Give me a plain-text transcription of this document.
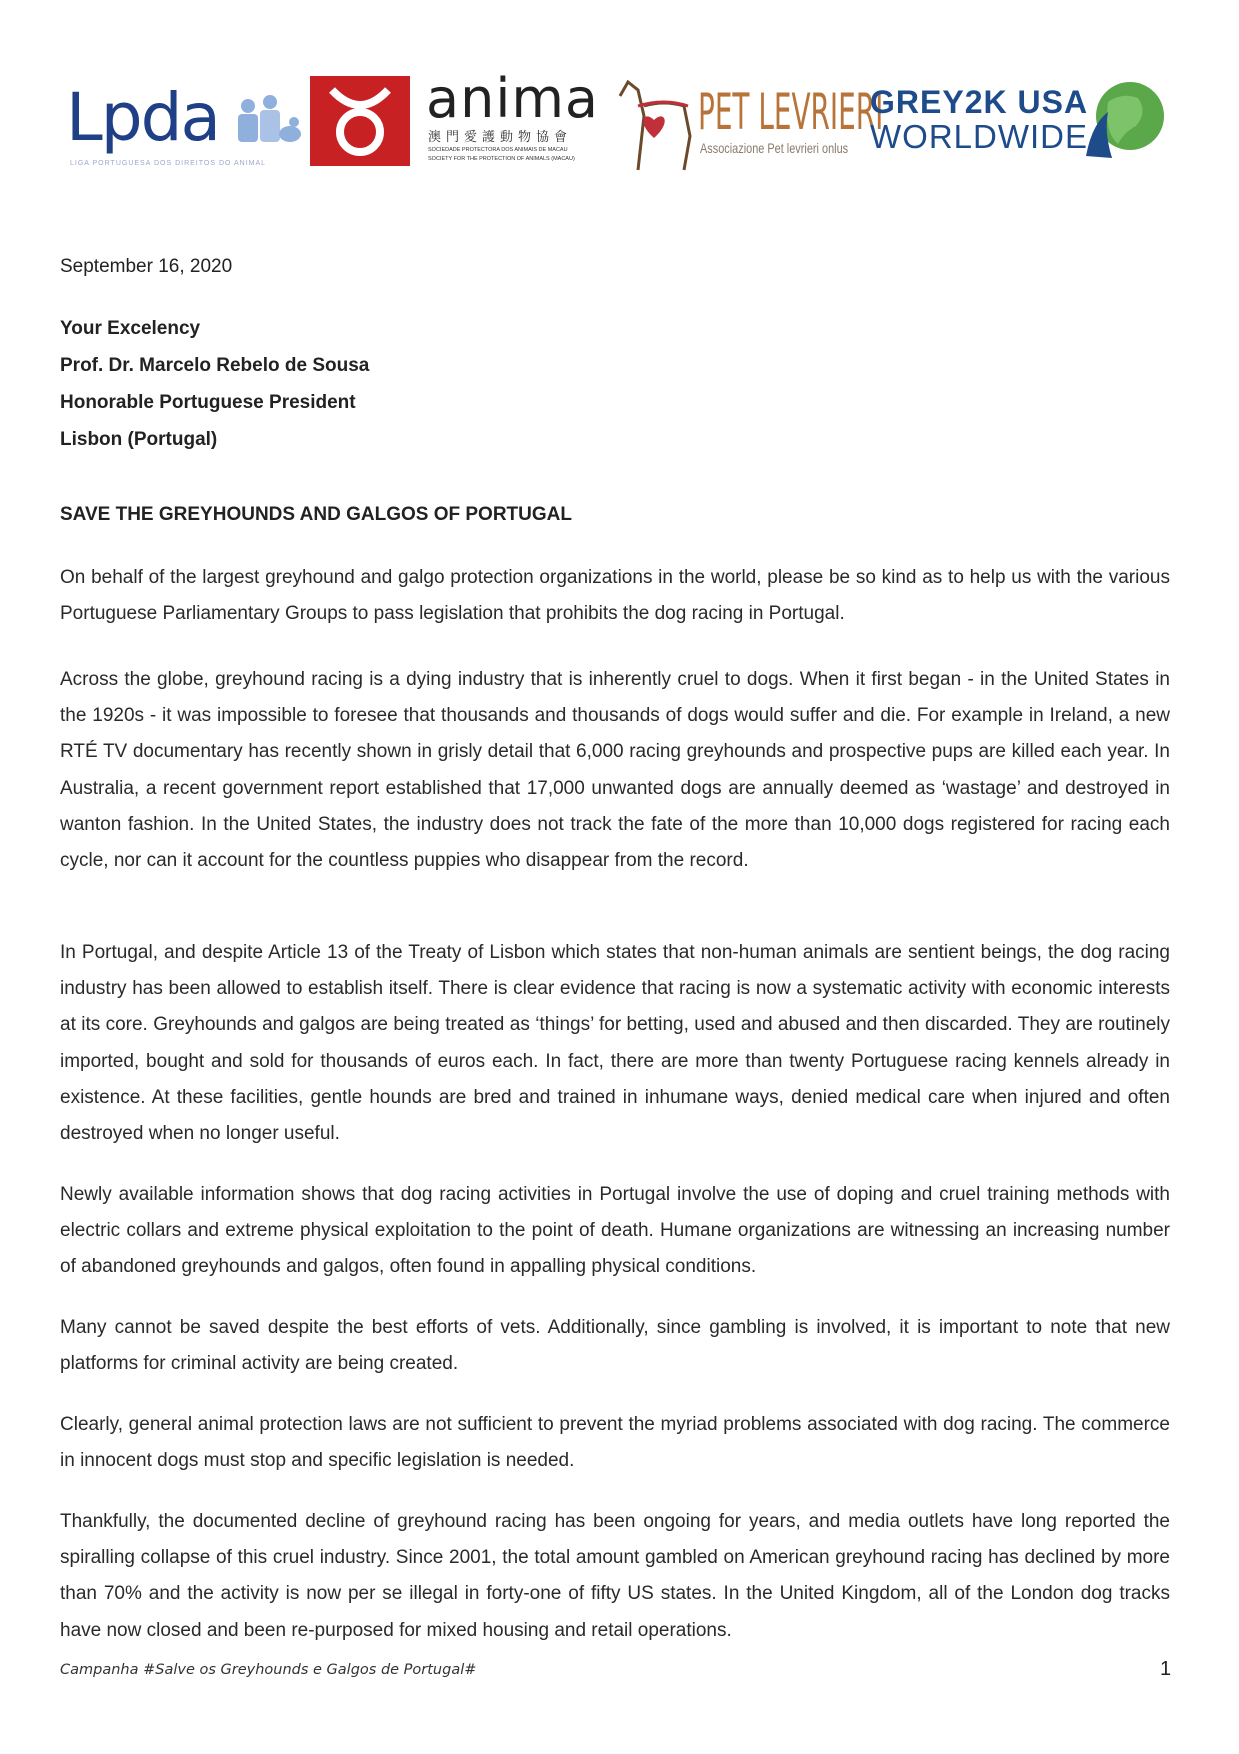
Lpda
LIGA PORTUGUESA DOS DIREITOS DO ANIMAL
anima
澳門愛護動物協會
SOCIEDADE PROTECTORA DOS ANIMAIS DE MACAU
SOCIETY FOR THE PROTECTION OF ANIMALS (MACAU)
PET LEVRIERI
Associazione Pet levrieri onlus
GREY2K USA
WORLDWIDE
September 16, 2020
Your Excelency
Prof. Dr. Marcelo Rebelo de Sousa
Honorable Portuguese President
Lisbon (Portugal)
SAVE THE GREYHOUNDS AND GALGOS OF PORTUGAL

On behalf of the largest greyhound and galgo protection organizations in the world, please be so kind as to help us with the various Portuguese Parliamentary Groups to pass legislation that prohibits the dog racing in Portugal.

Across the globe, greyhound racing is a dying industry that is inherently cruel to dogs. When it first began - in the United States in the 1920s - it was impossible to foresee that thousands and thousands of dogs would suffer and die. For example in Ireland, a new RTÉ TV documentary has recently shown in grisly detail that 6,000 racing greyhounds and prospective pups are killed each year. In Australia, a recent government report established that 17,000 unwanted dogs are annually deemed as ‘wastage’ and destroyed in wanton fashion. In the United States, the industry does not track the fate of the more than 10,000 dogs registered for racing each cycle, nor can it account for the countless puppies who disappear from the record.

In Portugal, and despite Article 13 of the Treaty of Lisbon which states that non-human animals are sentient beings, the dog racing industry has been allowed to establish itself. There is clear evidence that racing is now a systematic activity with economic interests at its core. Greyhounds and galgos are being treated as ‘things’ for betting, used and abused and then discarded. They are routinely imported, bought and sold for thousands of euros each. In fact, there are more than twenty Portuguese racing kennels already in existence. At these facilities, gentle hounds are bred and trained in inhumane ways, denied medical care when injured and often destroyed when no longer useful.

Newly available information shows that dog racing activities in Portugal involve the use of doping and cruel training methods with electric collars and extreme physical exploitation to the point of death. Humane organizations are witnessing an increasing number of abandoned greyhounds and galgos, often found in appalling physical conditions.

Many cannot be saved despite the best efforts of vets. Additionally, since gambling is involved, it is important to note that new platforms for criminal activity are being created.

Clearly, general animal protection laws are not sufficient to prevent the myriad problems associated with dog racing. The commerce in innocent dogs must stop and specific legislation is needed.

Thankfully, the documented decline of greyhound racing has been ongoing for years, and media outlets have long reported the spiralling collapse of this cruel industry. Since 2001, the total amount gambled on American greyhound racing has declined by more than 70% and the activity is now per se illegal in forty-one of fifty US states. In the United Kingdom, all of the London dog tracks have now closed and been re-purposed for mixed housing and retail operations.

Campanha #Salve os Greyhounds e Galgos de Portugal#	1
